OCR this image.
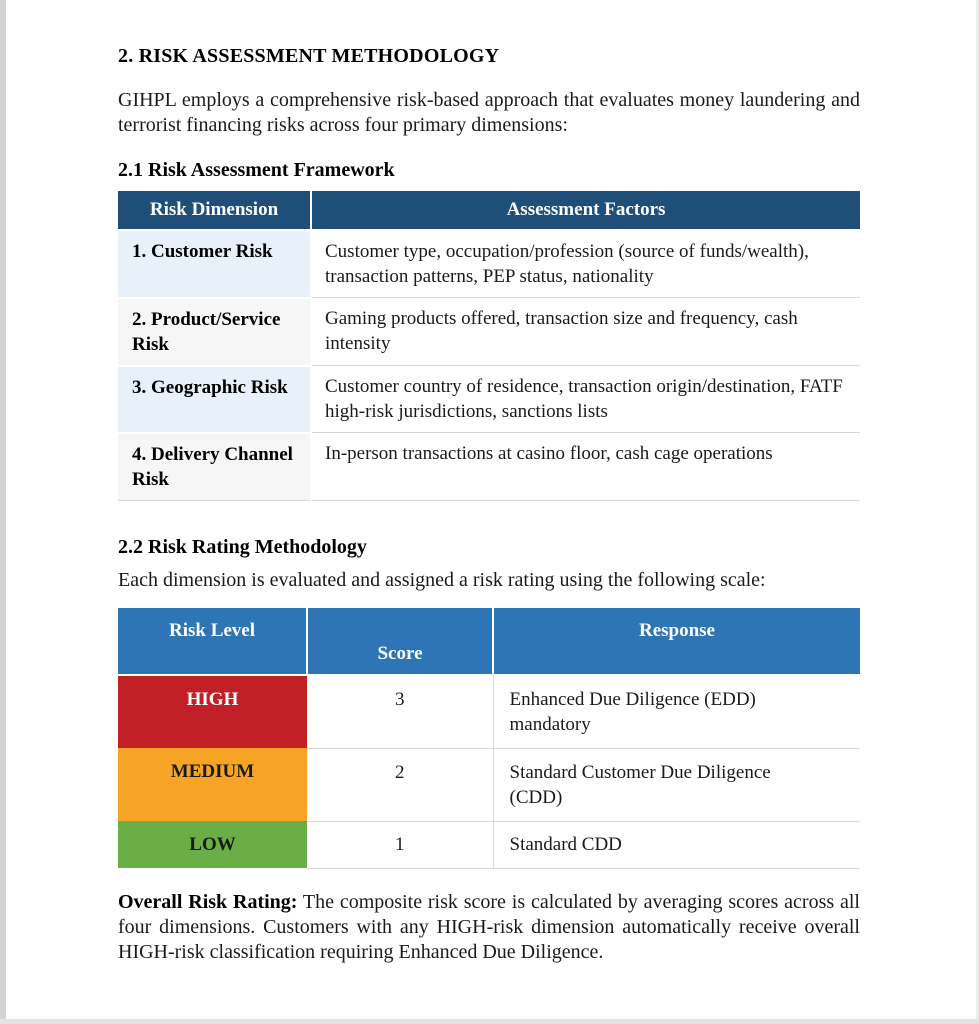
2. RISK ASSESSMENT METHODOLOGY

GIHPL employs a comprehensive risk-based approach that evaluates money laundering and terrorist financing risks across four primary dimensions:

2.1 Risk Assessment Framework
Risk Dimension	Assessment Factors
1. Customer Risk	Customer type, occupation/profession (source of funds/wealth), transaction patterns, PEP status, nationality
2. Product/Service Risk	Gaming products offered, transaction size and frequency, cash intensity
3. Geographic Risk	Customer country of residence, transaction origin/destination, FATF high-risk jurisdictions, sanctions lists
4. Delivery Channel Risk	In-person transactions at casino floor, cash cage operations
2.2 Risk Rating Methodology

Each dimension is evaluated and assigned a risk rating using the following scale:

Risk Level	Score	Response
HIGH	3	Enhanced Due Diligence (EDD) mandatory
MEDIUM	2	Standard Customer Due Diligence (CDD)
LOW	1	Standard CDD

Overall Risk Rating: The composite risk score is calculated by averaging scores across all four dimensions. Customers with any HIGH-risk dimension automatically receive overall HIGH-risk classification requiring Enhanced Due Diligence.
